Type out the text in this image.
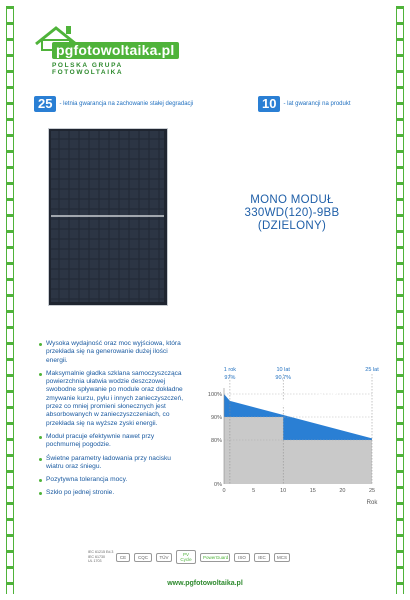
pgfotowoltaika.pl
POLSKA GRUPA FOTOWOLTAIKA
25	- letnia gwarancja na zachowanie stałej degradacji	10	- lat gwarancji na produkt
MONO MODUŁ
330WD(120)-9BB
(DZIELONY)
Wysoka wydajność oraz moc wyjściowa, która przekłada się na generowanie dużej ilości energii.
Maksymalnie gładka szklana samoczyszcząca powierzchnia ułatwia wodzie deszczowej swobodne spływanie po module oraz dokładne zmywanie kurzu, pyłu i innych zanieczyszczeń, przez co mniej promieni słonecznych jest absorbowanych w zanieczyszczeniach, co przekłada się na wyższe zyski energii.
Moduł pracuje efektywnie nawet przy pochmurnej pogodzie.
Świetne parametry ładowania przy nacisku wiatru oraz śniegu.
Pozytywna tolerancja mocy.
Szkło po jednej stronie.
100%
90%
80%
0%
0	5	10	15	20	25
Rok
1 rok
97%
10 lat
90,7%
25 lat
Dodatkowa wartość z gwarancji
IEC 61215 Ed.3
IEC 61730
UL 1703
CE	CQC	TÜV	PV Cycle	PowerGuard	ISO	IEC	MCS
www.pgfotowoltaika.pl
